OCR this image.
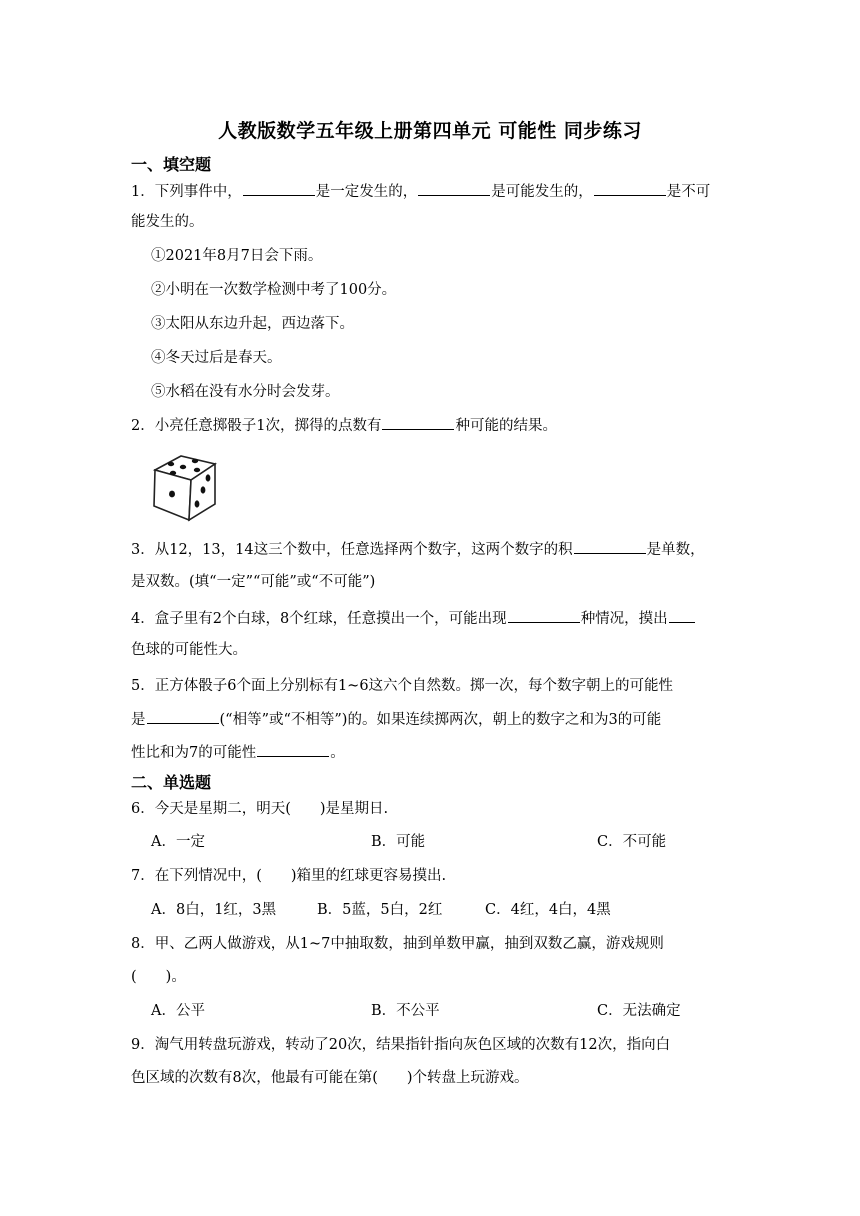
人教版数学五年级上册第四单元 可能性 同步练习
一、填空题
1．下列事件中，	是一定发生的，	是可能发生的，	是不可
能发生的。
①2021年8月7日会下雨。
②小明在一次数学检测中考了100分。
③太阳从东边升起，西边落下。
④冬天过后是春天。
⑤水稻在没有水分时会发芽。
2．小亮任意掷骰子1次，掷得的点数有	种可能的结果。
3．从12，13，14这三个数中，任意选择两个数字，这两个数字的积	是单数，
是双数。(填“一定”“可能”或“不可能”)
4．盒子里有2个白球，8个红球，任意摸出一个，可能出现	种情况，摸出
色球的可能性大。
5．正方体骰子6个面上分别标有1~6这六个自然数。掷一次，每个数字朝上的可能性
是	(“相等”或“不相等”)的。如果连续掷两次，朝上的数字之和为3的可能
性比和为7的可能性	。
二、单选题
6．今天是星期二，明天(　　)是星期日.
A．一定	B．可能	C．不可能
7．在下列情况中，(　　)箱里的红球更容易摸出.
A．8白，1红，3黑	B．5蓝，5白，2红	C．4红，4白，4黑
8．甲、乙两人做游戏，从1~7中抽取数，抽到单数甲赢，抽到双数乙赢，游戏规则
(　　)。
A．公平	B．不公平	C．无法确定
9．淘气用转盘玩游戏，转动了20次，结果指针指向灰色区域的次数有12次，指向白
色区域的次数有8次，他最有可能在第(　　)个转盘上玩游戏。
